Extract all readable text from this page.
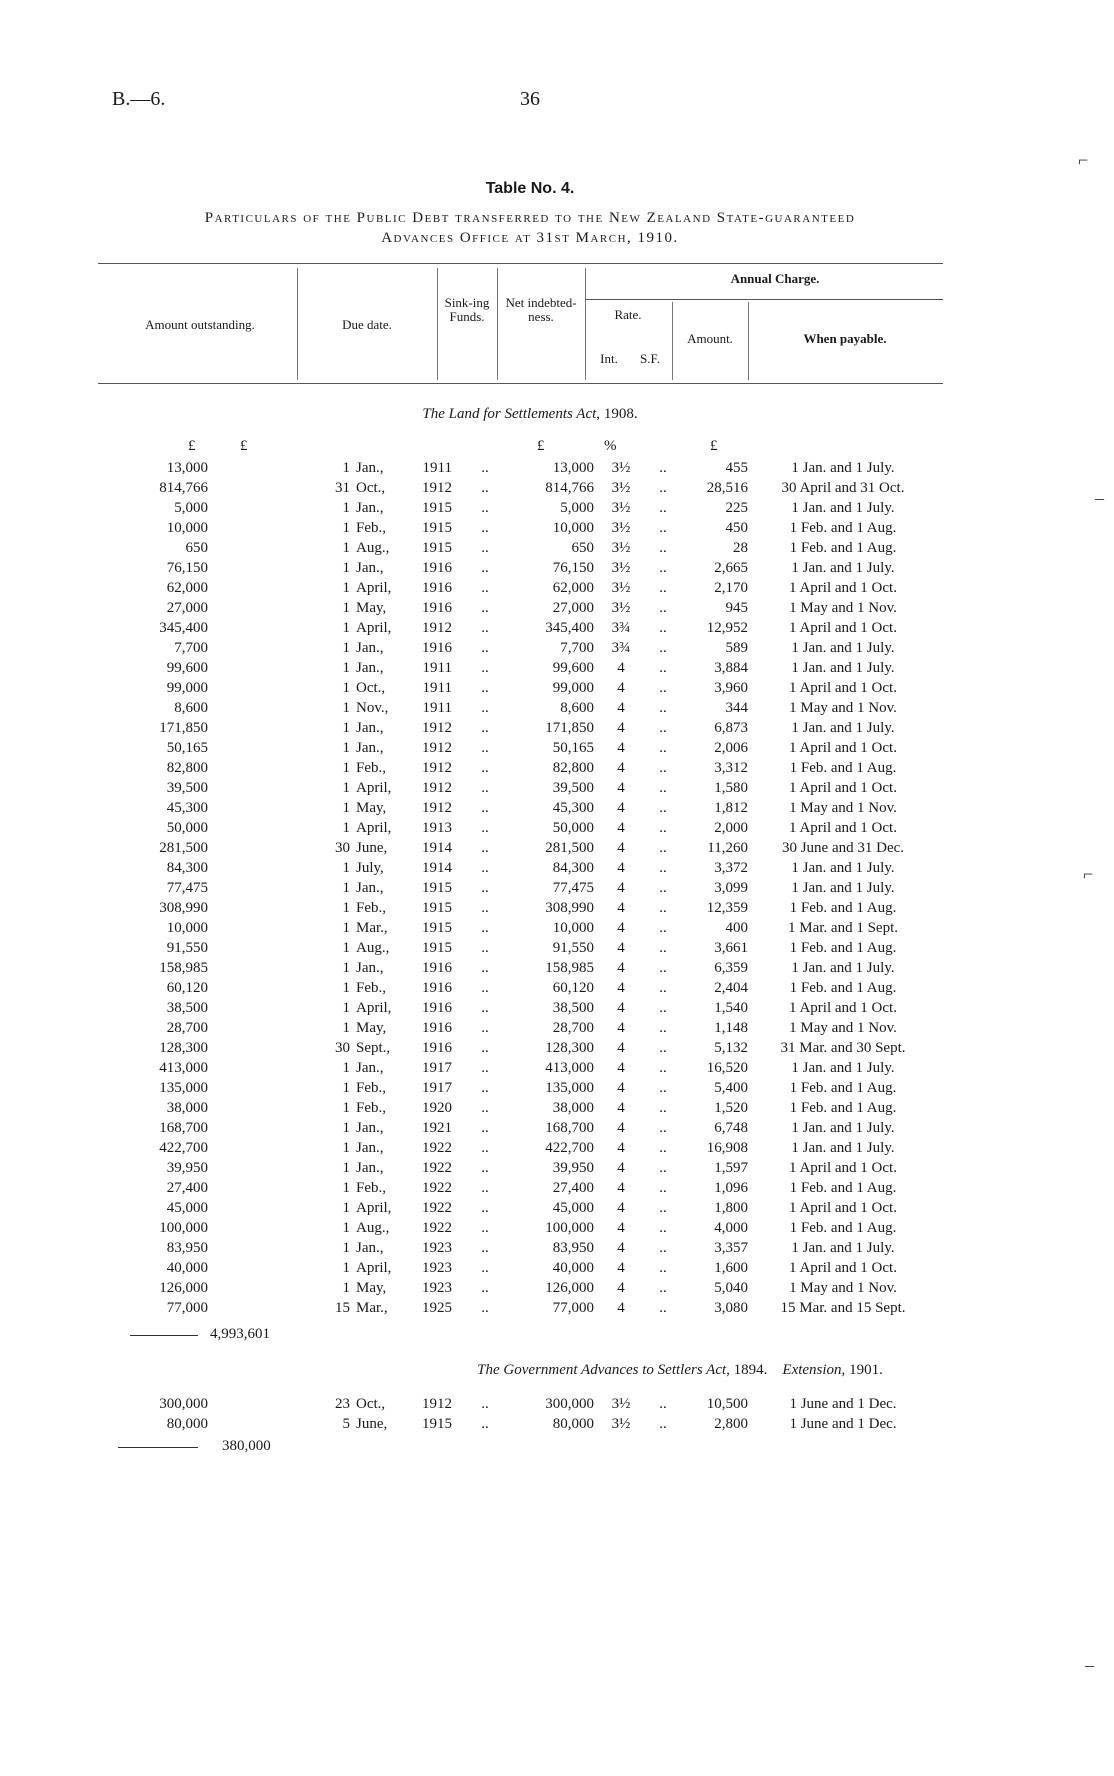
B.—6.	36
Table No. 4.
Particulars of the Public Debt transferred to the New Zealand State-guaranteed
Advances Office at 31st March, 1910.
Amount outstanding.	Due date.
Sink-ing Funds.
Net indebted-ness.
Annual Charge.
Rate.
Int.	S.F.
Amount.	When payable.
The Land for Settlements Act, 1908.
£	£	£	%	£
13,000			1	Jan.,	1911	..	13,000	3½	..	455	1 Jan. and 1 July.
814,766			31	Oct.,	1912	..	814,766	3½	..	28,516	30 April and 31 Oct.
5,000			1	Jan.,	1915	..	5,000	3½	..	225	1 Jan. and 1 July.
10,000			1	Feb.,	1915	..	10,000	3½	..	450	1 Feb. and 1 Aug.
650			1	Aug.,	1915	..	650	3½	..	28	1 Feb. and 1 Aug.
76,150			1	Jan.,	1916	..	76,150	3½	..	2,665	1 Jan. and 1 July.
62,000			1	April,	1916	..	62,000	3½	..	2,170	1 April and 1 Oct.
27,000			1	May,	1916	..	27,000	3½	..	945	1 May and 1 Nov.
345,400			1	April,	1912	..	345,400	3¾	..	12,952	1 April and 1 Oct.
7,700			1	Jan.,	1916	..	7,700	3¾	..	589	1 Jan. and 1 July.
99,600			1	Jan.,	1911	..	99,600	4	..	3,884	1 Jan. and 1 July.
99,000			1	Oct.,	1911	..	99,000	4	..	3,960	1 April and 1 Oct.
8,600			1	Nov.,	1911	..	8,600	4	..	344	1 May and 1 Nov.
171,850			1	Jan.,	1912	..	171,850	4	..	6,873	1 Jan. and 1 July.
50,165			1	Jan.,	1912	..	50,165	4	..	2,006	1 April and 1 Oct.
82,800			1	Feb.,	1912	..	82,800	4	..	3,312	1 Feb. and 1 Aug.
39,500			1	April,	1912	..	39,500	4	..	1,580	1 April and 1 Oct.
45,300			1	May,	1912	..	45,300	4	..	1,812	1 May and 1 Nov.
50,000			1	April,	1913	..	50,000	4	..	2,000	1 April and 1 Oct.
281,500			30	June,	1914	..	281,500	4	..	11,260	30 June and 31 Dec.
84,300			1	July,	1914	..	84,300	4	..	3,372	1 Jan. and 1 July.
77,475			1	Jan.,	1915	..	77,475	4	..	3,099	1 Jan. and 1 July.
308,990			1	Feb.,	1915	..	308,990	4	..	12,359	1 Feb. and 1 Aug.
10,000			1	Mar.,	1915	..	10,000	4	..	400	1 Mar. and 1 Sept.
91,550			1	Aug.,	1915	..	91,550	4	..	3,661	1 Feb. and 1 Aug.
158,985			1	Jan.,	1916	..	158,985	4	..	6,359	1 Jan. and 1 July.
60,120			1	Feb.,	1916	..	60,120	4	..	2,404	1 Feb. and 1 Aug.
38,500			1	April,	1916	..	38,500	4	..	1,540	1 April and 1 Oct.
28,700			1	May,	1916	..	28,700	4	..	1,148	1 May and 1 Nov.
128,300			30	Sept.,	1916	..	128,300	4	..	5,132	31 Mar. and 30 Sept.
413,000			1	Jan.,	1917	..	413,000	4	..	16,520	1 Jan. and 1 July.
135,000			1	Feb.,	1917	..	135,000	4	..	5,400	1 Feb. and 1 Aug.
38,000			1	Feb.,	1920	..	38,000	4	..	1,520	1 Feb. and 1 Aug.
168,700			1	Jan.,	1921	..	168,700	4	..	6,748	1 Jan. and 1 July.
422,700			1	Jan.,	1922	..	422,700	4	..	16,908	1 Jan. and 1 July.
39,950			1	Jan.,	1922	..	39,950	4	..	1,597	1 April and 1 Oct.
27,400			1	Feb.,	1922	..	27,400	4	..	1,096	1 Feb. and 1 Aug.
45,000			1	April,	1922	..	45,000	4	..	1,800	1 April and 1 Oct.
100,000			1	Aug.,	1922	..	100,000	4	..	4,000	1 Feb. and 1 Aug.
83,950			1	Jan.,	1923	..	83,950	4	..	3,357	1 Jan. and 1 July.
40,000			1	April,	1923	..	40,000	4	..	1,600	1 April and 1 Oct.
126,000			1	May,	1923	..	126,000	4	..	5,040	1 May and 1 Nov.
77,000			15	Mar.,	1925	..	77,000	4	..	3,080	15 Mar. and 15 Sept.
4,993,601
The Government Advances to Settlers Act, 1894. Extension, 1901.
300,000			23	Oct.,	1912	..	300,000	3½	..	10,500	1 June and 1 Dec.
80,000			5	June,	1915	..	80,000	3½	..	2,800	1 June and 1 Dec.
380,000
⌐
–
⌐
–
